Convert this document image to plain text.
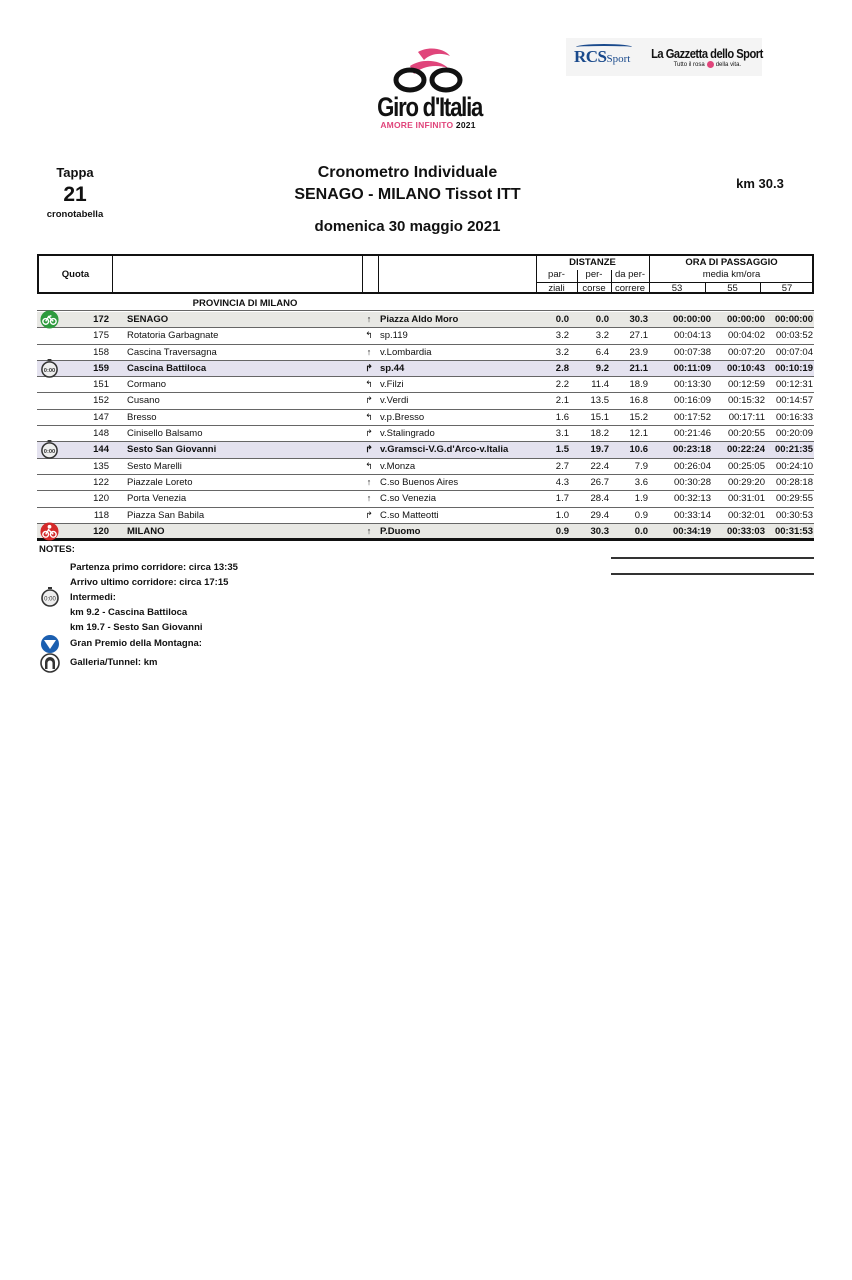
Giro d'Italia
AMORE INFINITO 2021
RCSSport La Gazzetta dello Sport
Tutto il rosa della vita.
Tappa
21
cronotabella
Cronometro Individuale
SENAGO - MILANO Tissot ITT
domenica 30 maggio 2021
km 30.3
Quota
DISTANZE
par-
ziali
per-
corse
da per-
correre
ORA DI PASSAGGIO
media km/ora
53	55	57
PROVINCIA DI MILANO
172 SENAGO	↑ Piazza Aldo Moro	0.0	0.0	30.3	00:00:00	00:00:00	00:00:00
175 Rotatoria Garbagnate	↰ sp.119	3.2	3.2	27.1	00:04:13	00:04:02	00:03:52
158 Cascina Traversagna	↑ v.Lombardia	3.2	6.4	23.9	00:07:38	00:07:20	00:07:04
0:00	159 Cascina Battiloca	↱ sp.44	2.8	9.2	21.1	00:11:09	00:10:43	00:10:19
151 Cormano	↰ v.Filzi	2.2	11.4	18.9	00:13:30	00:12:59	00:12:31
152 Cusano	↱ v.Verdi	2.1	13.5	16.8	00:16:09	00:15:32	00:14:57
147 Bresso	↰ v.p.Bresso	1.6	15.1	15.2	00:17:52	00:17:11	00:16:33
148 Cinisello Balsamo	↱ v.Stalingrado	3.1	18.2	12.1	00:21:46	00:20:55	00:20:09
0:00	144 Sesto San Giovanni	↱ v.Gramsci-V.G.d'Arco-v.Italia	1.5	19.7	10.6	00:23:18	00:22:24	00:21:35
135 Sesto Marelli	↰ v.Monza	2.7	22.4	7.9	00:26:04	00:25:05	00:24:10
122 Piazzale Loreto	↑ C.so Buenos Aires	4.3	26.7	3.6	00:30:28	00:29:20	00:28:18
120 Porta Venezia	↑ C.so Venezia	1.7	28.4	1.9	00:32:13	00:31:01	00:29:55
118 Piazza San Babila	↱ C.so Matteotti	1.0	29.4	0.9	00:33:14	00:32:01	00:30:53
120 MILANO	↑ P.Duomo	0.9	30.3	0.0	00:34:19	00:33:03	00:31:53
NOTES:
Partenza primo corridore: circa 13:35
Arrivo ultimo corridore: circa 17:15
0:00 Intermedi:
km 9.2 - Cascina Battiloca
km 19.7 - Sesto San Giovanni
Gran Premio della Montagna:
Galleria/Tunnel: km
